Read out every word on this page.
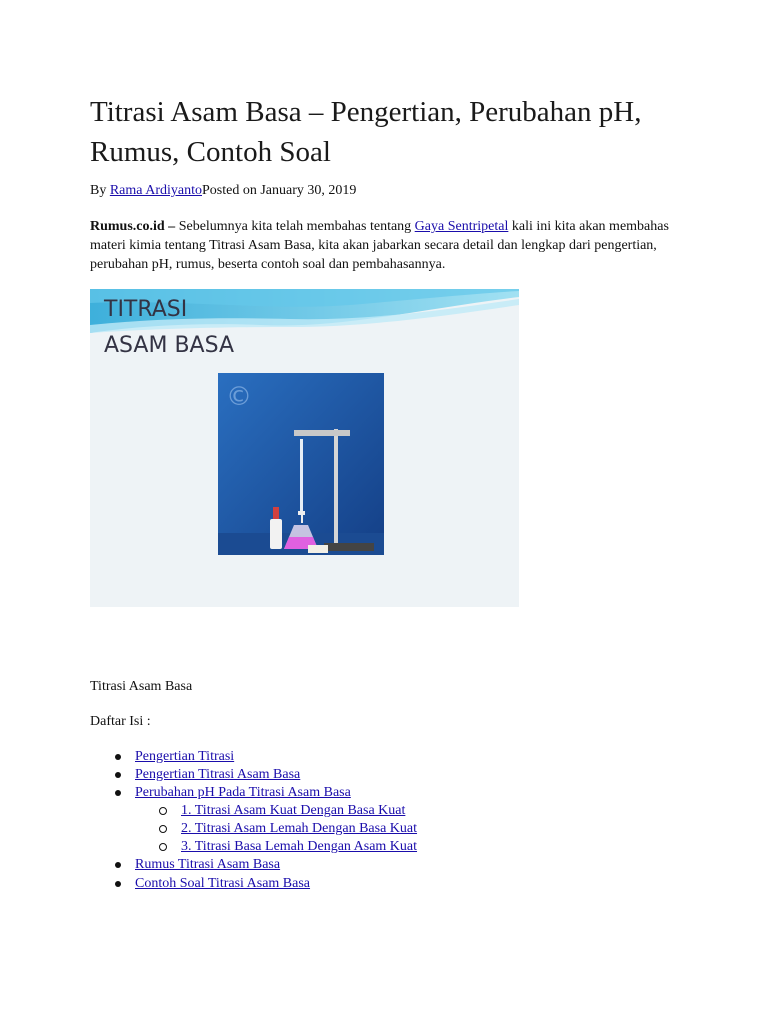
Titrasi Asam Basa – Pengertian, Perubahan pH, Rumus, Contoh Soal
By Rama ArdiyantoPosted on January 30, 2019

Rumus.co.id – Sebelumnya kita telah membahas tentang Gaya Sentripetal kali ini kita akan membahas materi kimia tentang Titrasi Asam Basa, kita akan jabarkan secara detail dan lengkap dari pengertian, perubahan pH, rumus, beserta contoh soal dan pembahasannya.

TITRASI
ASAM BASA
©
Titrasi Asam Basa
Daftar Isi :
Pengertian Titrasi
Pengertian Titrasi Asam Basa
Perubahan pH Pada Titrasi Asam Basa
1. Titrasi Asam Kuat Dengan Basa Kuat
2. Titrasi Asam Lemah Dengan Basa Kuat
3. Titrasi Basa Lemah Dengan Asam Kuat
Rumus Titrasi Asam Basa
Contoh Soal Titrasi Asam Basa
